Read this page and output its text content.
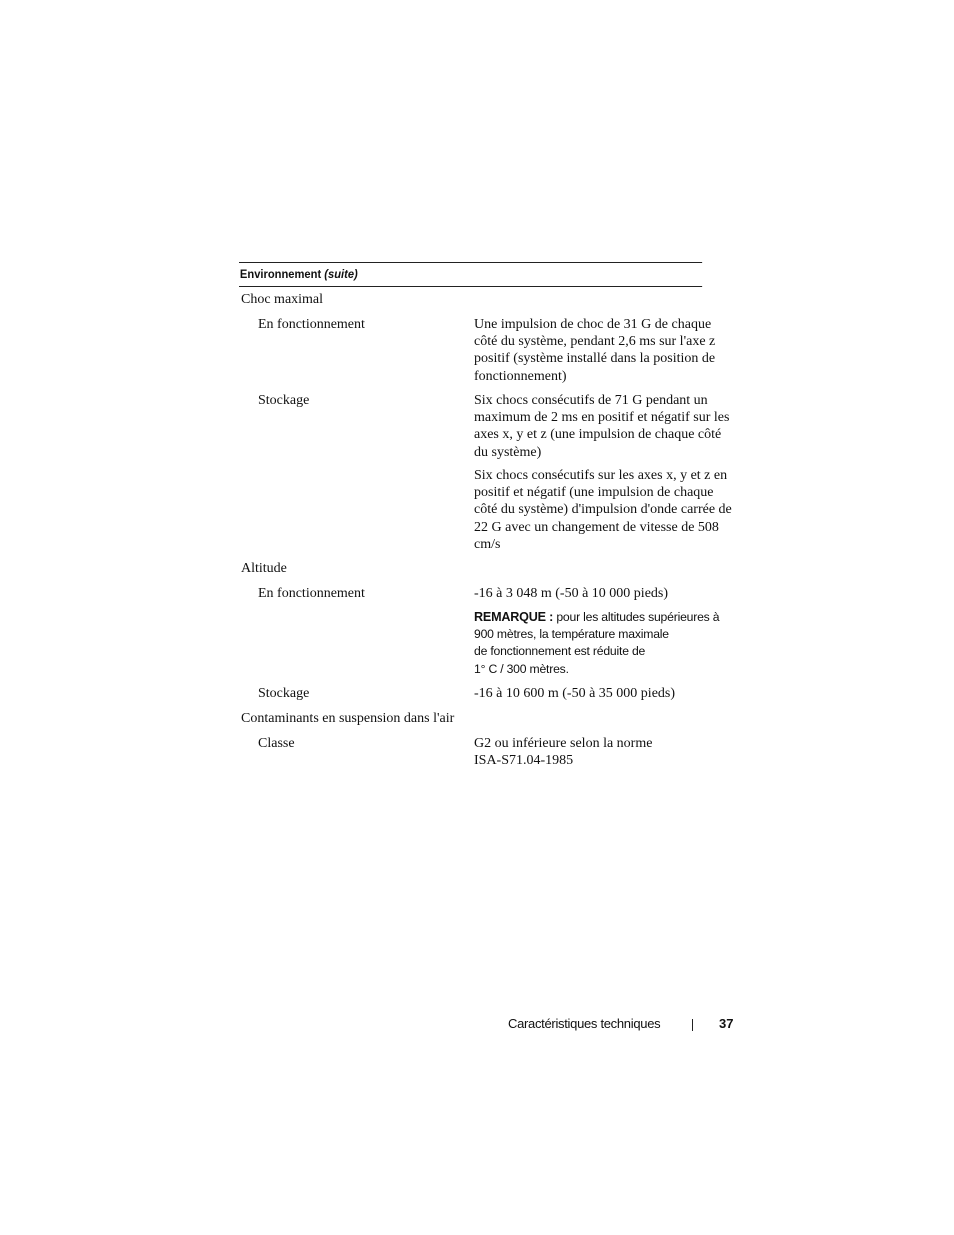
Environnement (suite)
Choc maximal
En fonctionnement	Une impulsion de choc de 31 G de chaque côté du système, pendant 2,6 ms sur l'axe z positif (système installé dans la position de fonctionnement)
Stockage	Six chocs consécutifs de 71 G pendant un maximum de 2 ms en positif et négatif sur les axes x, y et z (une impulsion de chaque côté du système)
Six chocs consécutifs sur les axes x, y et z en positif et négatif (une impulsion de chaque côté du système) d'impulsion d'onde carrée de 22 G avec un changement de vitesse de 508 cm/s
Altitude
En fonctionnement	-16 à 3 048 m (-50 à 10 000 pieds)
REMARQUE : pour les altitudes supérieures à
900 mètres, la température maximale
de fonctionnement est réduite de
1° C / 300 mètres.
Stockage	-16 à 10 600 m (-50 à 35 000 pieds)
Contaminants en suspension dans l'air
Classe	G2 ou inférieure selon la norme ISA-S71.04-1985
Caractéristiques techniques	37
